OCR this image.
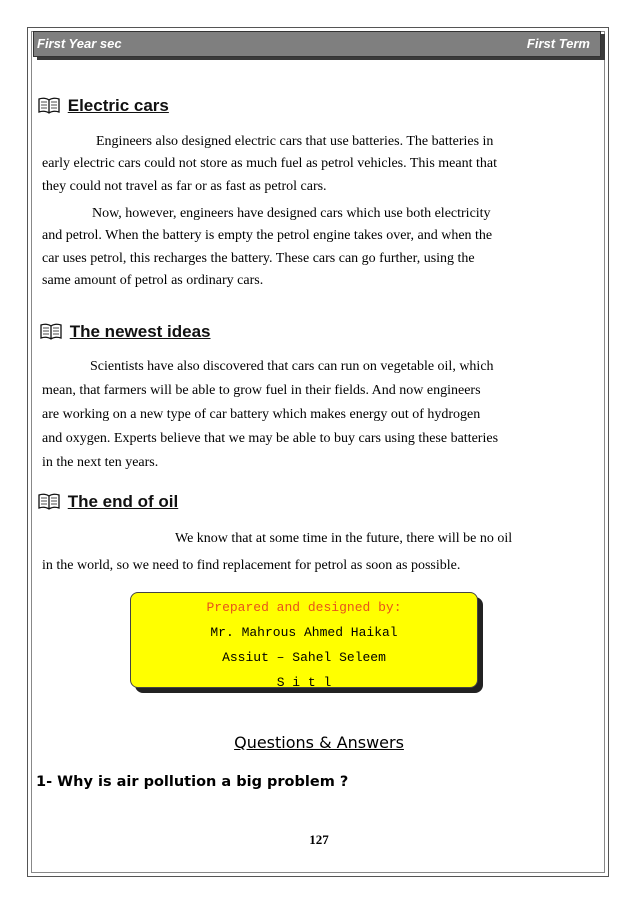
First Year sec	First Term
Electric cars

Engineers also designed electric cars that use batteries. The batteries in
early electric cars could not store as much fuel as petrol vehicles. This meant that
they could not travel as far or as fast as petrol cars.

Now, however, engineers have designed cars which use both electricity
and petrol. When the battery is empty the petrol engine takes over, and when the
car uses petrol, this recharges the battery. These cars can go further, using the
same amount of petrol as ordinary cars.

The newest ideas

Scientists have also discovered that cars can run on vegetable oil, which
mean, that farmers will be able to grow fuel in their fields. And now engineers
are working on a new type of car battery which makes energy out of hydrogen
and oxygen. Experts believe that we may be able to buy cars using these batteries
in the next ten years.

The end of oil

We know that at some time in the future, there will be no oil
in the world, so we need to find replacement for petrol as soon as possible.

Prepared and designed by:
Mr. Mahrous Ahmed Haikal
Assiut – Sahel Seleem
S i t l
Questions & Answers
1- Why is air pollution a big problem ?
127
